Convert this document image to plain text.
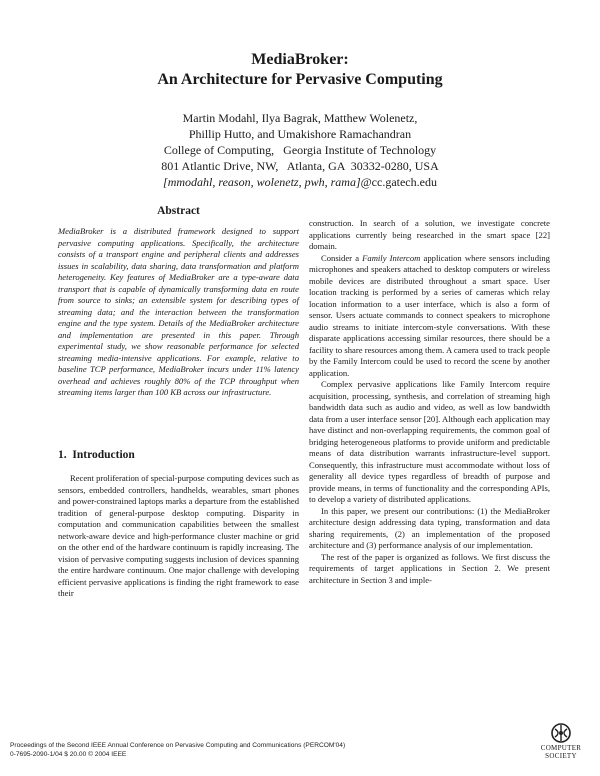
MediaBroker:
An Architecture for Pervasive Computing
Martin Modahl, Ilya Bagrak, Matthew Wolenetz,
Phillip Hutto, and Umakishore Ramachandran
College of Computing,   Georgia Institute of Technology
801 Atlantic Drive, NW,   Atlanta, GA  30332-0280, USA
[mmodahl, reason, wolenetz, pwh, rama]@cc.gatech.edu
Abstract

MediaBroker is a distributed framework designed to support pervasive computing applications. Specifically, the architecture consists of a transport engine and peripheral clients and addresses issues in scalability, data sharing, data transformation and platform heterogeneity. Key features of MediaBroker are a type-aware data transport that is capable of dynamically transforming data en route from source to sinks; an extensible system for describing types of streaming data; and the interaction between the transformation engine and the type system. Details of the MediaBroker architecture and implementation are presented in this paper. Through experimental study, we show reasonable performance for selected streaming media-intensive applications. For example, relative to baseline TCP performance, MediaBroker incurs under 11% latency overhead and achieves roughly 80% of the TCP throughput when streaming items larger than 100 KB across our infrastructure.

1.  Introduction

Recent proliferation of special-purpose computing devices such as sensors, embedded controllers, handhelds, wearables, smart phones and power-constrained laptops marks a departure from the established tradition of general-purpose desktop computing. Disparity in computation and communication capabilities between the smallest network-aware device and high-performance cluster machine or grid on the other end of the hardware continuum is rapidly increasing. The vision of pervasive computing suggests inclusion of devices spanning the entire hardware continuum. One major challenge with developing efficient pervasive applications is finding the right framework to ease their

construction. In search of a solution, we investigate concrete applications currently being researched in the smart space [22] domain.

Consider a Family Intercom application where sensors including microphones and speakers attached to desktop computers or wireless mobile devices are distributed throughout a smart space. User location tracking is performed by a series of cameras which relay location information to a user interface, which is also a form of sensor. Users actuate commands to connect speakers to microphone audio streams to initiate intercom-style conversations. With these disparate applications accessing similar resources, there should be a facility to share resources among them. A camera used to track people by the Family Intercom could be used to record the scene by another application.

Complex pervasive applications like Family Intercom require acquisition, processing, synthesis, and correlation of streaming high bandwidth data such as audio and video, as well as low bandwidth data from a user interface sensor [20]. Although each application may have distinct and non-overlapping requirements, the common goal of bridging heterogeneous platforms to provide uniform and predictable means of data distribution warrants infrastructure-level support. Consequently, this infrastructure must accommodate without loss of generality all device types regardless of breadth of purpose and provide means, in terms of functionality and the corresponding APIs, to develop a variety of distributed applications.

In this paper, we present our contributions: (1) the MediaBroker architecture design addressing data typing, transformation and data sharing requirements, (2) an implementation of the proposed architecture and (3) performance analysis of our implementation.

The rest of the paper is organized as follows. We first discuss the requirements of target applications in Section 2. We present architecture in Section 3 and imple-

Proceedings of the Second IEEE Annual Conference on Pervasive Computing and Communications (PERCOM'04)
0-7695-2090-1/04 $ 20.00 © 2004 IEEE
COMPUTER
SOCIETY
